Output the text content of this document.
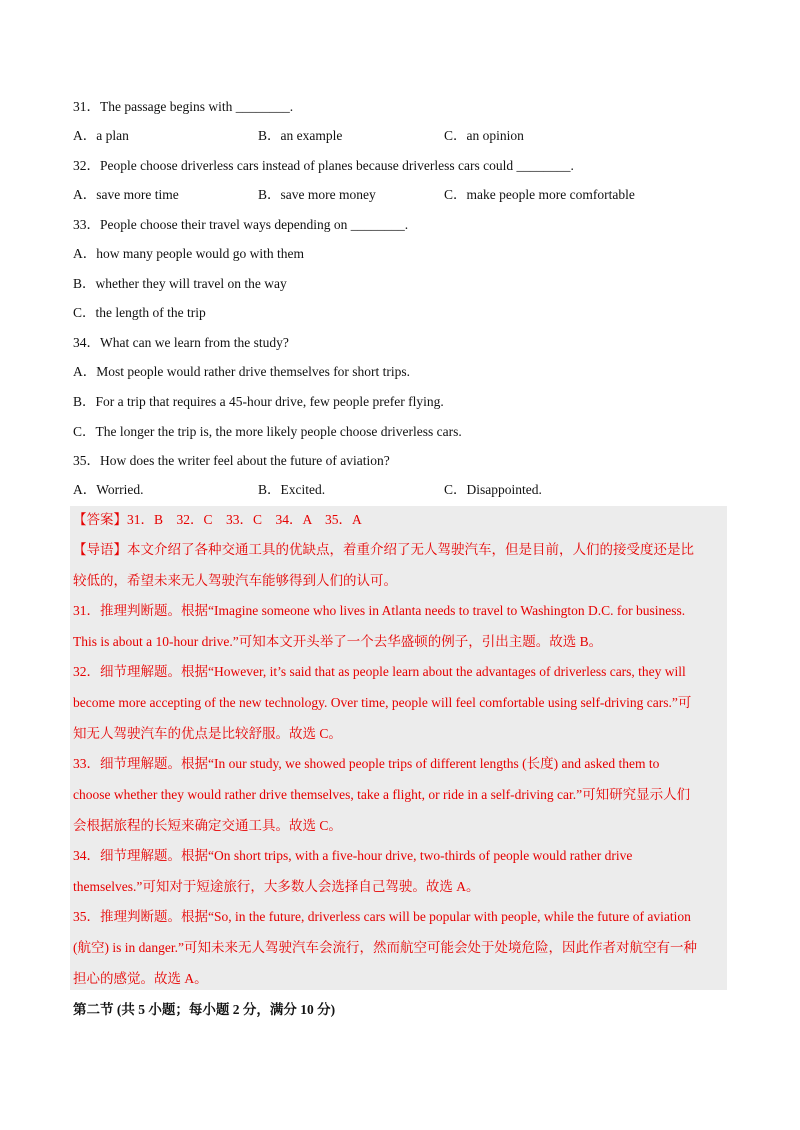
31．The passage begins with ________.
A．a plan	B．an example	C．an opinion
32．People choose driverless cars instead of planes because driverless cars could ________.
A．save more time	B．save more money	C．make people more comfortable
33．People choose their travel ways depending on ________.
A．how many people would go with them
B．whether they will travel on the way
C．the length of the trip
34．What can we learn from the study?
A．Most people would rather drive themselves for short trips.
B．For a trip that requires a 45-hour drive, few people prefer flying.
C．The longer the trip is, the more likely people choose driverless cars.
35．How does the writer feel about the future of aviation?
A．Worried.	B．Excited.	C．Disappointed.
【答案】31．B　32．C　33．C　34．A　35．A
【导语】本文介绍了各种交通工具的优缺点，着重介绍了无人驾驶汽车，但是目前，人们的接受度还是比
较低的，希望未来无人驾驶汽车能够得到人们的认可。
31．推理判断题。根据“Imagine someone who lives in Atlanta needs to travel to Washington D.C. for business.
This is about a 10-hour drive.”可知本文开头举了一个去华盛顿的例子，引出主题。故选 B。
32．细节理解题。根据“However, it’s said that as people learn about the advantages of driverless cars, they will
become more accepting of the new technology. Over time, people will feel comfortable using self-driving cars.”可
知无人驾驶汽车的优点是比较舒服。故选 C。
33．细节理解题。根据“In our study, we showed people trips of different lengths (长度) and asked them to
choose whether they would rather drive themselves, take a flight, or ride in a self-driving car.”可知研究显示人们
会根据旅程的长短来确定交通工具。故选 C。
34．细节理解题。根据“On short trips, with a five-hour drive, two-thirds of people would rather drive
themselves.”可知对于短途旅行，大多数人会选择自己驾驶。故选 A。
35．推理判断题。根据“So, in the future, driverless cars will be popular with people, while the future of aviation
(航空) is in danger.”可知未来无人驾驶汽车会流行，然而航空可能会处于处境危险，因此作者对航空有一种
担心的感觉。故选 A。
第二节 (共 5 小题；每小题 2 分，满分 10 分)
